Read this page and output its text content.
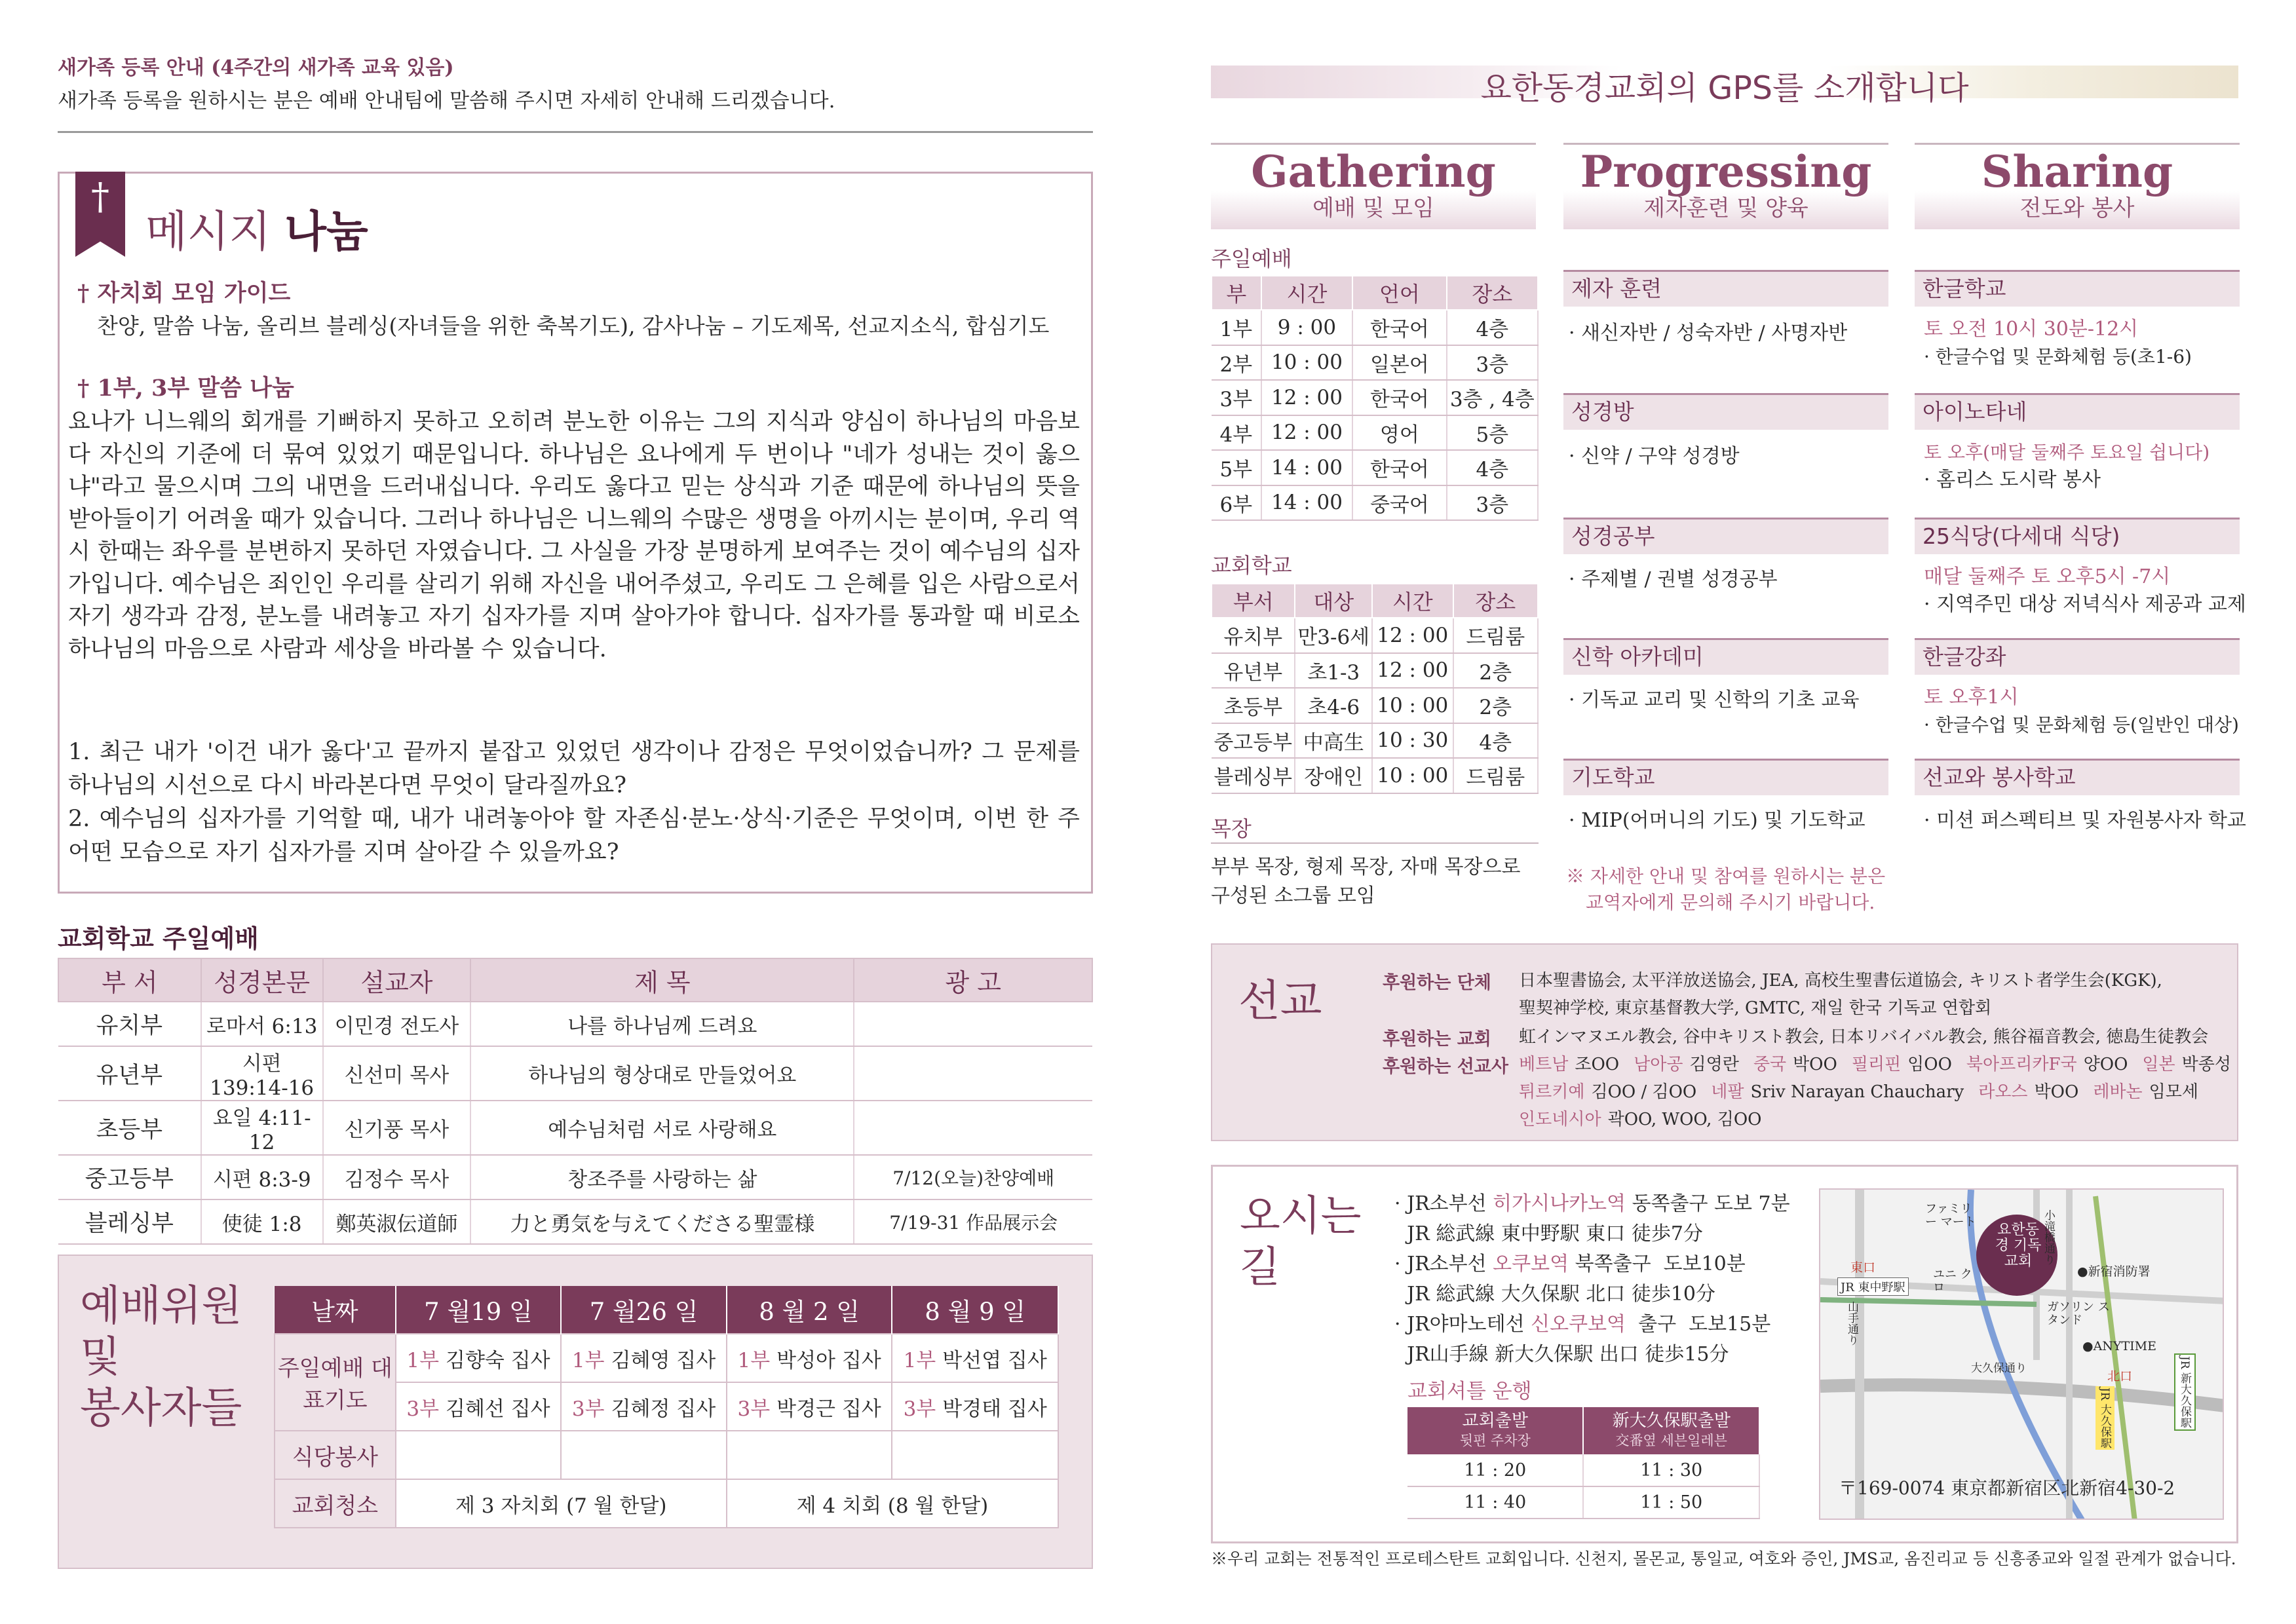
새가족 등록 안내 (4주간의 새가족 교육 있음)
새가족 등록을 원하시는 분은 예배 안내팀에 말씀해 주시면 자세히 안내해 드리겠습니다.
†
메시지 나눔
† 자치회 모임 가이드
찬양, 말씀 나눔, 올리브 블레싱(자녀들을 위한 축복기도), 감사나눔 – 기도제목, 선교지소식, 합심기도
† 1부, 3부 말씀 나눔
요나가 니느웨의 회개를 기뻐하지 못하고 오히려 분노한 이유는 그의 지식과 양심이 하나님의 마음보다 자신의 기준에 더 묶여 있었기 때문입니다. 하나님은 요나에게 두 번이나 "네가 성내는 것이 옳으냐"라고 물으시며 그의 내면을 드러내십니다. 우리도 옳다고 믿는 상식과 기준 때문에 하나님의 뜻을 받아들이기 어려울 때가 있습니다. 그러나 하나님은 니느웨의 수많은 생명을 아끼시는 분이며, 우리 역시 한때는 좌우를 분변하지 못하던 자였습니다. 그 사실을 가장 분명하게 보여주는 것이 예수님의 십자가입니다. 예수님은 죄인인 우리를 살리기 위해 자신을 내어주셨고, 우리도 그 은혜를 입은 사람으로서 자기 생각과 감정, 분노를 내려놓고 자기 십자가를 지며 살아가야 합니다. 십자가를 통과할 때 비로소 하나님의 마음으로 사람과 세상을 바라볼 수 있습니다.
1. 최근 내가 '이건 내가 옳다'고 끝까지 붙잡고 있었던 생각이나 감정은 무엇이었습니까? 그 문제를 하나님의 시선으로 다시 바라본다면 무엇이 달라질까요?
2. 예수님의 십자가를 기억할 때, 내가 내려놓아야 할 자존심·분노·상식·기준은 무엇이며, 이번 한 주 어떤 모습으로 자기 십자가를 지며 살아갈 수 있을까요?
교회학교 주일예배
부 서	성경본문	설교자	제 목	광 고
유치부	로마서 6:13	이민경 전도사	나를 하나님께 드려요	
유년부	시편 139:14-16	신선미 목사	하나님의 형상대로 만들었어요	
초등부	요일 4:11-12	신기풍 목사	예수님처럼 서로 사랑해요	
중고등부	시편 8:3-9	김정수 목사	창조주를 사랑하는 삶	7/12(오늘)찬양예배
블레싱부	使徒 1:8	鄭英淑伝道師	力と勇気を与えてくださる聖霊様	7/19-31 作品展示会
예배위원
및
봉사자들
날짜	7 월19 일	7 월26 일	8 월 2 일	8 월 9 일
주일예배 대표기도	1부 김향숙 집사	1부 김혜영 집사	1부 박성아 집사	1부 박선엽 집사
	3부 김혜선 집사	3부 김혜정 집사	3부 박경근 집사	3부 박경태 집사
식당봉사				
교회청소	제 3 자치회 (7 월 한달)		제 4 치회 (8 월 한달)	
요한동경교회의 GPS를 소개합니다
Gathering
예배 및 모임
Progressing
제자훈련 및 양육
Sharing
전도와 봉사
주일예배
부	시간	언어	장소
1부	9 : 00	한국어	4층
2부	10 : 00	일본어	3층
3부	12 : 00	한국어	3층 , 4층
4부	12 : 00	영어	5층
5부	14 : 00	한국어	4층
6부	14 : 00	중국어	3층
교회학교
부서	대상	시간	장소
유치부	만3-6세	12 : 00	드림룸
유년부	초1-3	12 : 00	2층
초등부	초4-6	10 : 00	2층
중고등부	中高生	10 : 30	4층
블레싱부	장애인	10 : 00	드림룸
목장
부부 목장, 형제 목장, 자매 목장으로 구성된 소그룹 모임
제자 훈련
· 새신자반 / 성숙자반 / 사명자반
성경방
· 신약 / 구약 성경방
성경공부
· 주제별 / 권별 성경공부
신학 아카데미
· 기독교 교리 및 신학의 기초 교육
기도학교
· MIP(어머니의 기도) 및 기도학교
※ 자세한 안내 및 참여를 원하시는 분은
교역자에게 문의해 주시기 바랍니다.
한글학교
토 오전 10시 30분-12시
· 한글수업 및 문화체험 등(초1-6)
아이노타네
토 오후(매달 둘째주 토요일 쉽니다)
· 홈리스 도시락 봉사
25식당(다세대 식당)
매달 둘째주 토 오후5시 -7시
· 지역주민 대상 저녁식사 제공과 교제
한글강좌
토 오후1시
· 한글수업 및 문화체험 등(일반인 대상)
선교와 봉사학교
· 미션 퍼스펙티브 및 자원봉사자 학교
선교	후원하는 단체 日本聖書協会, 太平洋放送協会, JEA, 高校生聖書伝道協会, キリスト者学生会(KGK),
聖契神学校, 東京基督教大学, GMTC, 재일 한국 기독교 연합회
후원하는 교회 虹インマヌエル教会, 谷中キリスト教会, 日本リバイバル教会, 熊谷福音教会, 徳島生徒教会
후원하는 선교사 베트남 조OO 남아공 김영란 중국 박OO 필리핀 임OO 북아프리카F국 양OO 일본 박종성
튀르키예 김OO / 김OO 네팔 Sriv Narayan Chauchary 라오스 박OO 레바논 임모세
인도네시아 곽OO, WOO, 김OO
오시는
길
· JR소부선 히가시나카노역 동쪽출구 도보 7분
JR 総武線 東中野駅 東口 徒歩7分
· JR소부선 오쿠보역 북쪽출구  도보10분
JR 総武線 大久保駅 北口 徒歩10分
· JR야마노테선 신오쿠보역  출구  도보15분
JR山手線 新大久保駅 出口 徒歩15分
교회셔틀 운행
교회출발
뒷편 주차장	新大久保駅출발
交番옆 세븐일레븐

11 : 20	11 : 30
11 : 40	11 : 50
요한동경 기독교회
ファミリー マート
東口
JR 東中野駅
ユニ クロ
●新宿消防署
ガソリン スタンド
●ANYTIME
大久保通り
山手通り
小滝橋通り
北口
JR 大久保駅	JR 新大久保駅
〒169-0074 東京都新宿区北新宿4-30-2
※우리 교회는 전통적인 프로테스탄트 교회입니다. 신천지, 몰몬교, 통일교, 여호와 증인, JMS교, 옴진리교 등 신흥종교와 일절 관계가 없습니다.
